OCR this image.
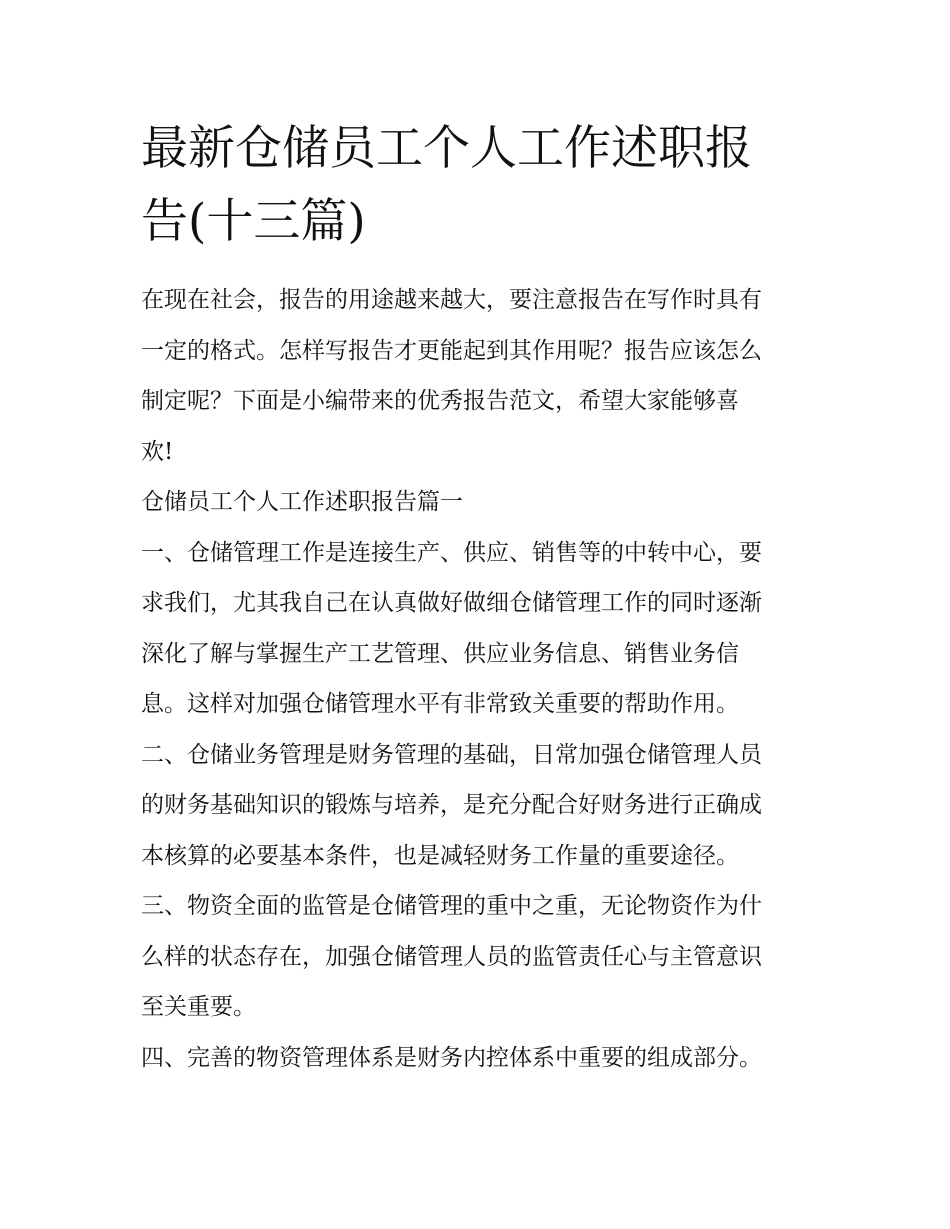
最新仓储员工个人工作述职报
告(十三篇)
在现在社会，报告的用途越来越大，要注意报告在写作时具有
一定的格式。怎样写报告才更能起到其作用呢？报告应该怎么
制定呢？下面是小编带来的优秀报告范文，希望大家能够喜
欢!
仓储员工个人工作述职报告篇一
一、仓储管理工作是连接生产、供应、销售等的中转中心，要
求我们，尤其我自己在认真做好做细仓储管理工作的同时逐渐
深化了解与掌握生产工艺管理、供应业务信息、销售业务信
息。这样对加强仓储管理水平有非常致关重要的帮助作用。
二、仓储业务管理是财务管理的基础，日常加强仓储管理人员
的财务基础知识的锻炼与培养，是充分配合好财务进行正确成
本核算的必要基本条件，也是减轻财务工作量的重要途径。
三、物资全面的监管是仓储管理的重中之重，无论物资作为什
么样的状态存在，加强仓储管理人员的监管责任心与主管意识
至关重要。
四、完善的物资管理体系是财务内控体系中重要的组成部分。
